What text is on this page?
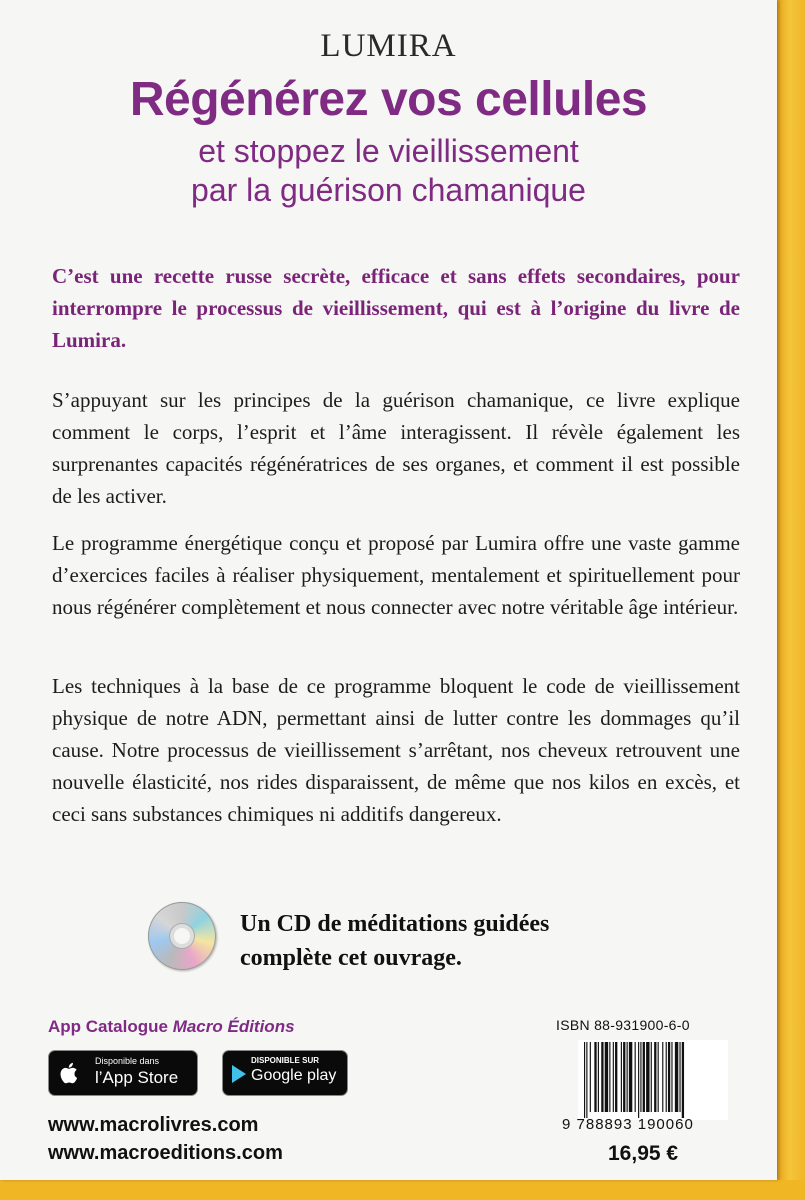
LUMIRA
Régénérez vos cellules
et stoppez le vieillissement
par la guérison chamanique
C’est une recette russe secrète, efficace et sans effets secondaires, pour interrompre le processus de vieillissement, qui est à l’origine du livre de Lumira.
S’appuyant sur les principes de la guérison chamanique, ce livre explique comment le corps, l’esprit et l’âme interagissent. Il révèle également les surprenantes capacités régénératrices de ses organes, et comment il est possible de les activer.
Le programme énergétique conçu et proposé par Lumira offre une vaste gamme d’exercices faciles à réaliser physiquement, mentalement et spirituellement pour nous régénérer complètement et nous connecter avec notre véritable âge intérieur.
Les techniques à la base de ce programme bloquent le code de vieillissement physique de notre ADN, permettant ainsi de lutter contre les dommages qu’il cause. Notre processus de vieillissement s’arrêtant, nos cheveux retrouvent une nouvelle élasticité, nos rides disparaissent, de même que nos kilos en excès, et ceci sans substances chimiques ni additifs dangereux.
Un CD de méditations guidées
complète cet ouvrage.
App Catalogue Macro Éditions
Disponible dans
l’App Store
DISPONIBLE SUR
Google play
www.macrolivres.com
www.macroeditions.com
ISBN 88-931900-6-0
9 788893 190060
16,95 €
